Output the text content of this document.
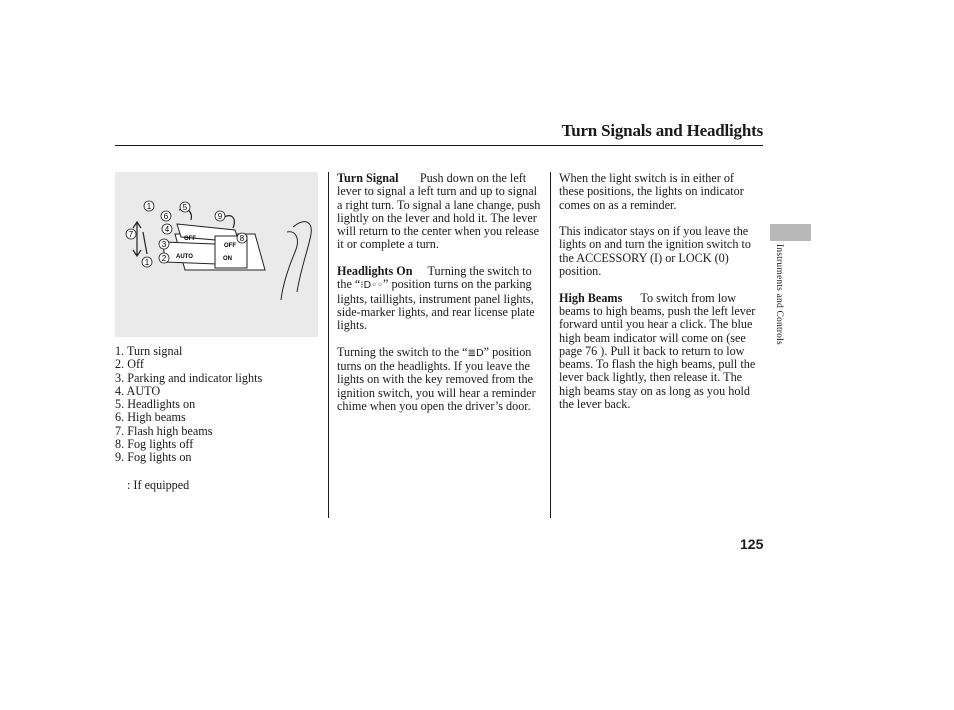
Turn Signals and Headlights
OFF
AUTO
OFF
ON
1
2
3
4
5
6
7	8
9
1
1. Turn signal
2. Off
3. Parking and indicator lights
4. AUTO
5. Headlights on
6. High beams
7. Flash high beams
8. Fog lights off
9. Fog lights on
: If equipped

Turn Signal Push down on the left lever to signal a left turn and up to signal a right turn. To signal a lane change, push lightly on the lever and hold it. The lever will return to the center when you release it or complete a turn.

Headlights On Turning the switch to the “⁝D◦◦” position turns on the parking lights, taillights, instrument panel lights, side-marker lights, and rear license plate lights.

Turning the switch to the “≣D” position turns on the headlights. If you leave the lights on with the key removed from the ignition switch, you will hear a reminder chime when you open the driver’s door.

When the light switch is in either of these positions, the lights on indicator comes on as a reminder.

This indicator stays on if you leave the lights on and turn the ignition switch to the ACCESSORY (I) or LOCK (0) position.

High Beams To switch from low beams to high beams, push the left lever forward until you hear a click. The blue high beam indicator will come on (see page 76 ). Pull it back to return to low beams. To flash the high beams, pull the lever back lightly, then release it. The high beams stay on as long as you hold the lever back.

Instruments and Controls
125
